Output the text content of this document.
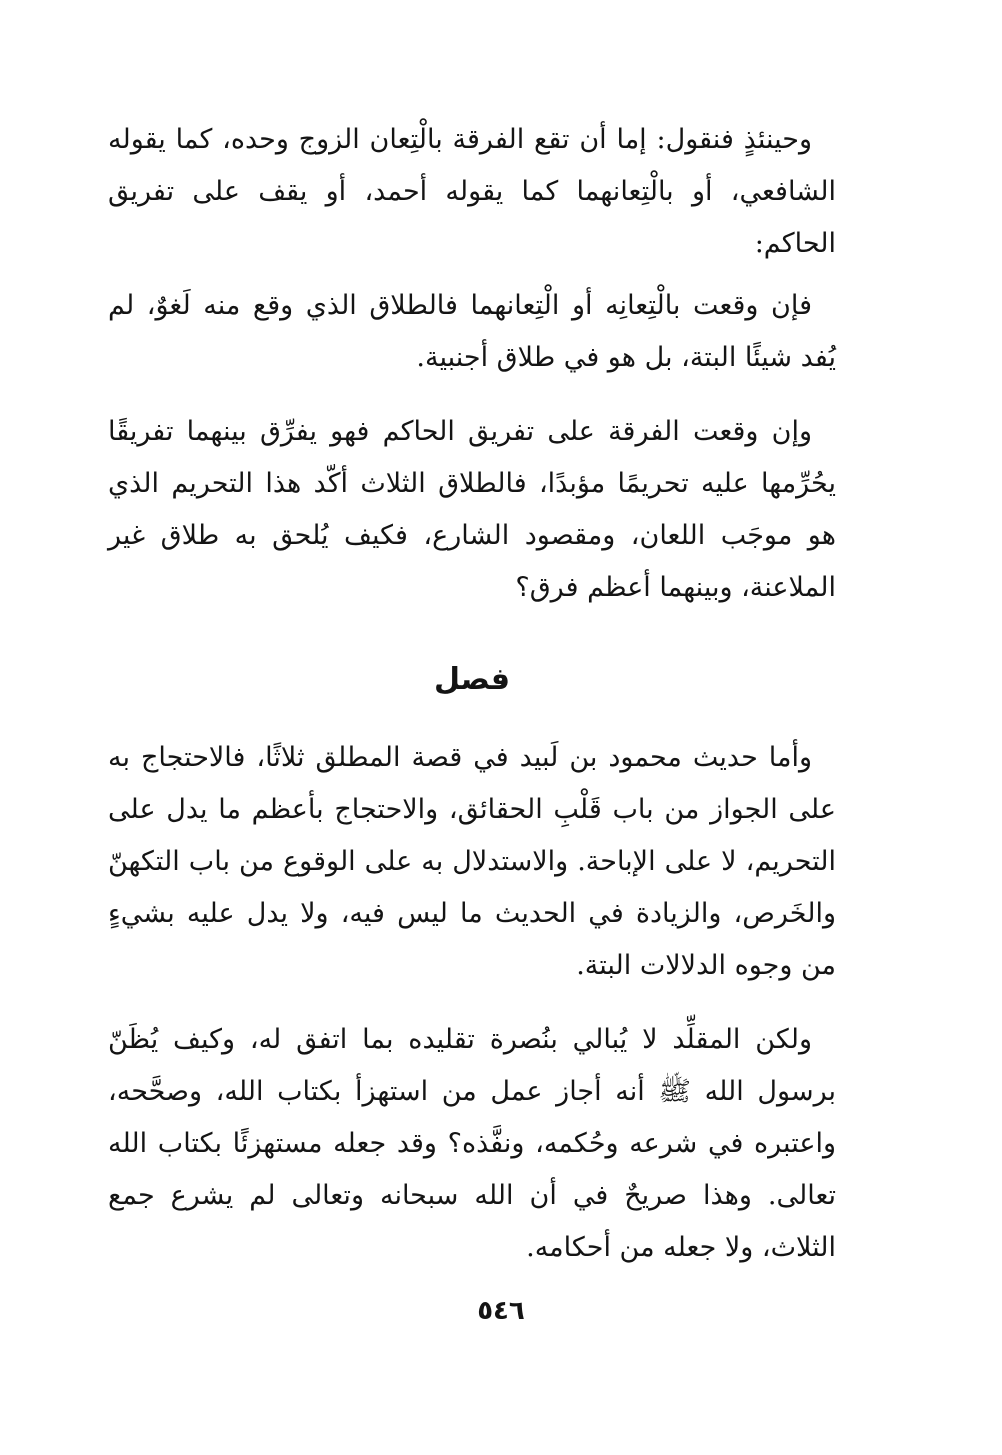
وحينئذٍ فنقول: إما أن تقع الفرقة بالْتِعان الزوج وحده، كما يقوله الشافعي، أو بالْتِعانهما كما يقوله أحمد، أو يقف على تفريق الحاكم:

فإن وقعت بالْتِعانِه أو الْتِعانهما فالطلاق الذي وقع منه لَغوٌ، لم يُفد شيئًا البتة، بل هو في طلاق أجنبية.

وإن وقعت الفرقة على تفريق الحاكم فهو يفرِّق بينهما تفريقًا يحُرِّمها عليه تحريمًا مؤبدًا، فالطلاق الثلاث أكّد هذا التحريم الذي هو موجَب اللعان، ومقصود الشارع، فكيف يُلحق به طلاق غير الملاعنة، وبينهما أعظم فرق؟

فصل

وأما حديث محمود بن لَبيد في قصة المطلق ثلاثًا، فالاحتجاج به على الجواز من باب قَلْبِ الحقائق، والاحتجاج بأعظم ما يدل على التحريم، لا على الإباحة. والاستدلال به على الوقوع من باب التكهنّ والخَرص، والزيادة في الحديث ما ليس فيه، ولا يدل عليه بشيءٍ من وجوه الدلالات البتة.

ولكن المقلِّد لا يُبالي بنُصرة تقليده بما اتفق له، وكيف يُظَنّ برسول الله ﷺ أنه أجاز عمل من استهزأ بكتاب الله، وصحَّحه، واعتبره في شرعه وحُكمه، ونفَّذه؟ وقد جعله مستهزئًا بكتاب الله تعالى. وهذا صريحٌ في أن الله سبحانه وتعالى لم يشرع جمع الثلاث، ولا جعله من أحكامه.

٥٤٦
